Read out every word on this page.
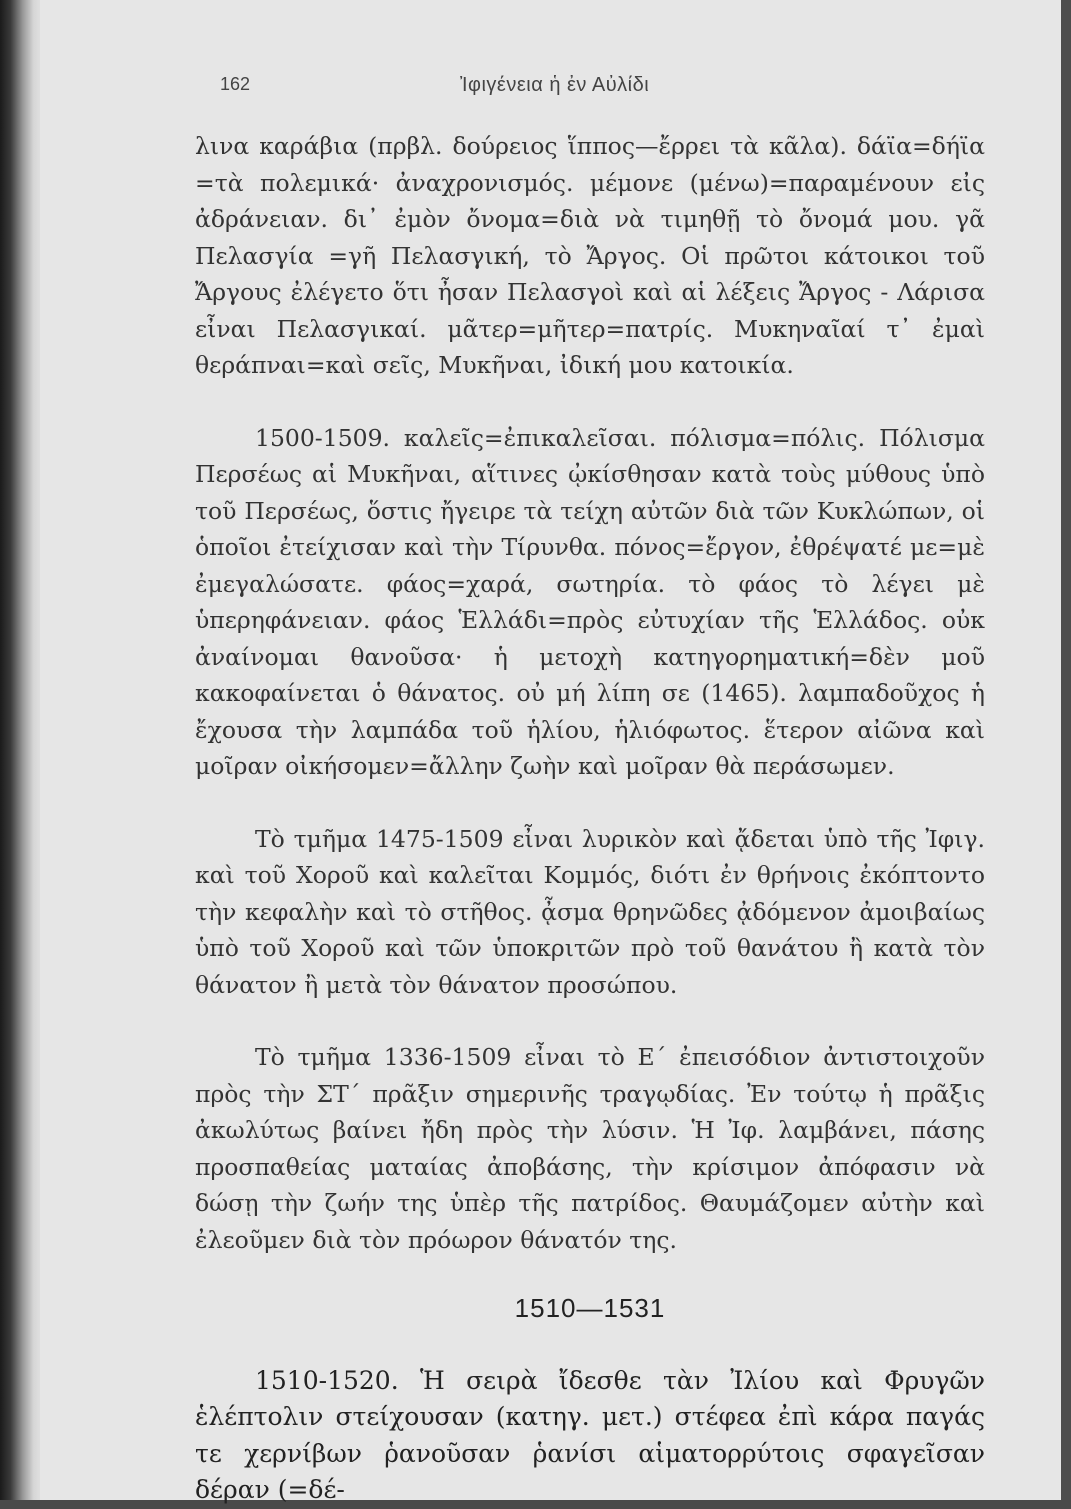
162	Ἰφιγένεια ἡ ἐν Αὐλίδι

λινα καράβια (πρβλ. δούρειος ἵππος—ἔρρει τὰ κᾶλα). δάϊα=δήϊα =τὰ πολεμικά· ἀναχρονισμός. μέμονε (μένω)=παραμένουν εἰς ἀδράνειαν. δι᾽ ἐμὸν ὄνομα=διὰ νὰ τιμηθῇ τὸ ὄνομά μου. γᾶ Πελασγία =γῆ Πελασγική, τὸ Ἄργος. Οἱ πρῶτοι κάτοικοι τοῦ Ἄργους ἐλέγετο ὅτι ἦσαν Πελασγοὶ καὶ αἱ λέξεις Ἄργος - Λάρισα εἶναι Πελασγικαί. μᾶτερ=μῆτερ=πατρίς. Μυκηναῖαί τ᾽ ἐμαὶ θεράπναι=καὶ σεῖς, Μυκῆναι, ἰδική μου κατοικία.

1500-1509. καλεῖς=ἐπικαλεῖσαι. πόλισμα=πόλις. Πόλισμα Περσέως αἱ Μυκῆναι, αἵτινες ᾠκίσθησαν κατὰ τοὺς μύθους ὑπὸ τοῦ Περσέως, ὅστις ἤγειρε τὰ τείχη αὐτῶν διὰ τῶν Κυκλώπων, οἱ ὁποῖοι ἐτείχισαν καὶ τὴν Τίρυνθα. πόνος=ἔργον, ἐθρέψατέ με=μὲ ἐμεγαλώσατε. φάος=χαρά, σωτηρία. τὸ φάος τὸ λέγει μὲ ὑπερηφάνειαν. φάος Ἑλλάδι=πρὸς εὐτυχίαν τῆς Ἑλλάδος. οὐκ ἀναίνομαι θανοῦσα· ἡ μετοχὴ κατηγορηματική=δὲν μοῦ κακοφαίνεται ὁ θάνατος. οὐ μή λίπη σε (1465). λαμπαδοῦχος ἡ ἔχουσα τὴν λαμπάδα τοῦ ἡλίου, ἡλιόφωτος. ἕτερον αἰῶνα καὶ μοῖραν οἰκήσομεν=ἄλλην ζωὴν καὶ μοῖραν θὰ περάσωμεν.

Τὸ τμῆμα 1475-1509 εἶναι λυρικὸν καὶ ᾄδεται ὑπὸ τῆς Ἰφιγ. καὶ τοῦ Χοροῦ καὶ καλεῖται Κομμός, διότι ἐν θρήνοις ἐκόπτοντο τὴν κεφαλὴν καὶ τὸ στῆθος. ᾆσμα θρηνῶδες ᾀδόμενον ἀμοιβαίως ὑπὸ τοῦ Χοροῦ καὶ τῶν ὑποκριτῶν πρὸ τοῦ θανάτου ἢ κατὰ τὸν θάνατον ἢ μετὰ τὸν θάνατον προσώπου.

Τὸ τμῆμα 1336-1509 εἶναι τὸ Ε´ ἐπεισόδιον ἀντιστοιχοῦν πρὸς τὴν ΣΤ´ πρᾶξιν σημερινῆς τραγῳδίας. Ἐν τούτῳ ἡ πρᾶξις ἀκωλύτως βαίνει ἤδη πρὸς τὴν λύσιν. Ἡ Ἰφ. λαμβάνει, πάσης προσπαθείας ματαίας ἀποβάσης, τὴν κρίσιμον ἀπόφασιν νὰ δώσῃ τὴν ζωήν της ὑπὲρ τῆς πατρίδος. Θαυμάζομεν αὐτὴν καὶ ἐλεοῦμεν διὰ τὸν πρόωρον θάνατόν της.

1510—1531

1510-1520. Ἡ σειρὰ ἴδεσθε τὰν Ἰλίου καὶ Φρυγῶν ἑλέπτολιν στείχουσαν (κατηγ. μετ.) στέφεα ἐπὶ κάρα παγάς τε χερνίβων ῥανοῦσαν ῥανίσι αἱματορρύτοις σφαγεῖσαν δέραν (=δέ-
